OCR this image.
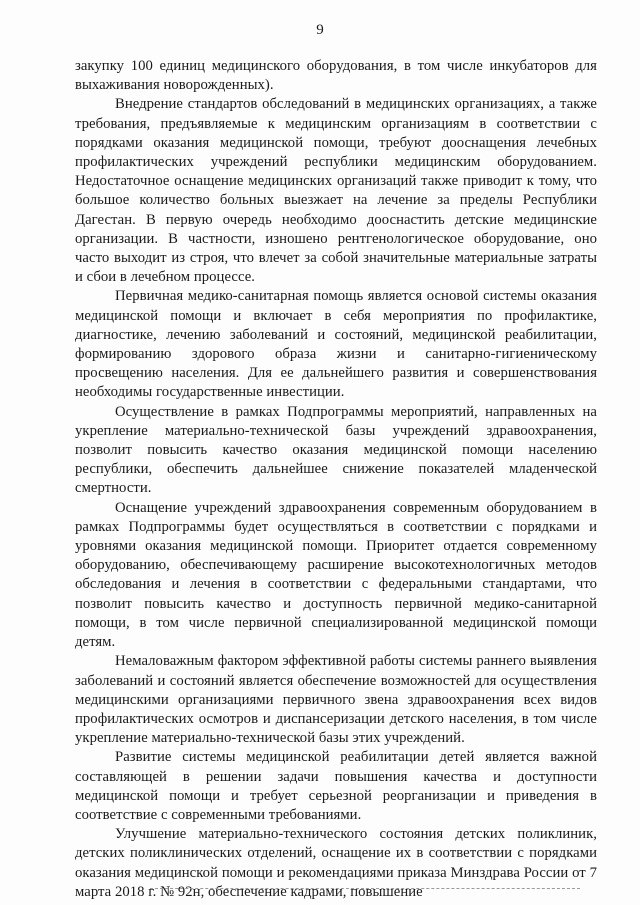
9

закупку 100 единиц медицинского оборудования, в том числе инкубаторов для выхаживания новорожденных).

Внедрение стандартов обследований в медицинских организациях, а также требования, предъявляемые к медицинским организациям в соответствии с порядками оказания медицинской помощи, требуют дооснащения лечебных профилактических учреждений республики медицинским оборудованием. Недостаточное оснащение медицинских организаций также приводит к тому, что большое количество больных выезжает на лечение за пределы Республики Дагестан. В первую очередь необходимо дооснастить детские медицинские организации. В частности, изношено рентгенологическое оборудование, оно часто выходит из строя, что влечет за собой значительные материальные затраты и сбои в лечебном процессе.

Первичная медико-санитарная помощь является основой системы оказания медицинской помощи и включает в себя мероприятия по профилактике, диагностике, лечению заболеваний и состояний, медицинской реабилитации, формированию здорового образа жизни и санитарно-гигиеническому просвещению населения. Для ее дальнейшего развития и совершенствования необходимы государственные инвестиции.

Осуществление в рамках Подпрограммы мероприятий, направленных на укрепление материально-технической базы учреждений здравоохранения, позволит повысить качество оказания медицинской помощи населению республики, обеспечить дальнейшее снижение показателей младенческой смертности.

Оснащение учреждений здравоохранения современным оборудованием в рамках Подпрограммы будет осуществляться в соответствии с порядками и уровнями оказания медицинской помощи. Приоритет отдается современному оборудованию, обеспечивающему расширение высокотехнологичных методов обследования и лечения в соответствии с федеральными стандартами, что позволит повысить качество и доступность первичной медико-санитарной помощи, в том числе первичной специализированной медицинской помощи детям.

Немаловажным фактором эффективной работы системы раннего выявления заболеваний и состояний является обеспечение возможностей для осуществления медицинскими организациями первичного звена здравоохранения всех видов профилактических осмотров и диспансеризации детского населения, в том числе укрепление материально-технической базы этих учреждений.

Развитие системы медицинской реабилитации детей является важной составляющей в решении задачи повышения качества и доступности медицинской помощи и требует серьезной реорганизации и приведения в соответствие с современными требованиями.

Улучшение материально-технического состояния детских поликлиник, детских поликлинических отделений, оснащение их в соответствии с порядками оказания медицинской помощи и рекомендациями приказа Минздрава России от 7 марта 2018 г. № 92н, обеспечение кадрами, повышение
